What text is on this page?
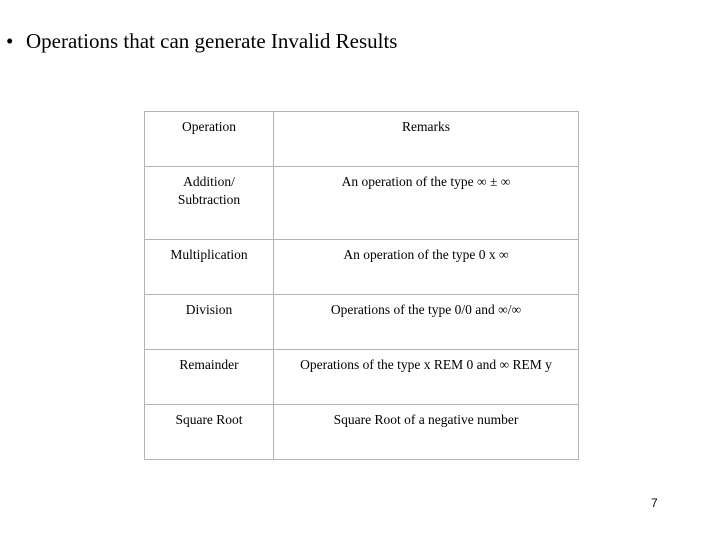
• Operations that can generate Invalid Results
Operation	Remarks
Addition/ Subtraction	An operation of the type ∞ ± ∞
Multiplication	An operation of the type 0 x ∞
Division	Operations of the type 0/0 and ∞/∞
Remainder	Operations of the type x REM 0 and ∞ REM y
Square Root	Square Root of a negative number
7
